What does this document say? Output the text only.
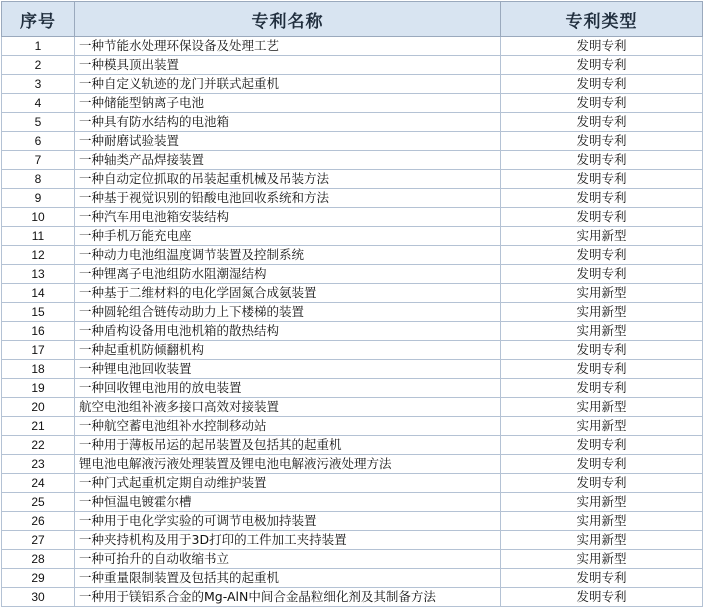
序号	专利名称	专利类型
1	一种节能水处理环保设备及处理工艺	发明专利
2	一种模具顶出装置	发明专利
3	一种自定义轨迹的龙门并联式起重机	发明专利
4	一种储能型钠离子电池	发明专利
5	一种具有防水结构的电池箱	发明专利
6	一种耐磨试验装置	发明专利
7	一种轴类产品焊接装置	发明专利
8	一种自动定位抓取的吊装起重机械及吊装方法	发明专利
9	一种基于视觉识别的铅酸电池回收系统和方法	发明专利
10	一种汽车用电池箱安装结构	发明专利
11	一种手机万能充电座	实用新型
12	一种动力电池组温度调节装置及控制系统	发明专利
13	一种锂离子电池组防水阻潮湿结构	发明专利
14	一种基于二维材料的电化学固氮合成氨装置	实用新型
15	一种圆轮组合链传动助力上下楼梯的装置	实用新型
16	一种盾构设备用电池机箱的散热结构	实用新型
17	一种起重机防倾翻机构	发明专利
18	一种锂电池回收装置	发明专利
19	一种回收锂电池用的放电装置	发明专利
20	航空电池组补液多接口高效对接装置	实用新型
21	一种航空蓄电池组补水控制移动站	实用新型
22	一种用于薄板吊运的起吊装置及包括其的起重机	发明专利
23	锂电池电解液污液处理装置及锂电池电解液污液处理方法	发明专利
24	一种门式起重机定期自动维护装置	发明专利
25	一种恒温电镀霍尔槽	实用新型
26	一种用于电化学实验的可调节电极加持装置	实用新型
27	一种夹持机构及用于3D打印的工件加工夹持装置	实用新型
28	一种可抬升的自动收缩书立	实用新型
29	一种重量限制装置及包括其的起重机	发明专利
30	一种用于镁铝系合金的Mg-AlN中间合金晶粒细化剂及其制备方法	发明专利
